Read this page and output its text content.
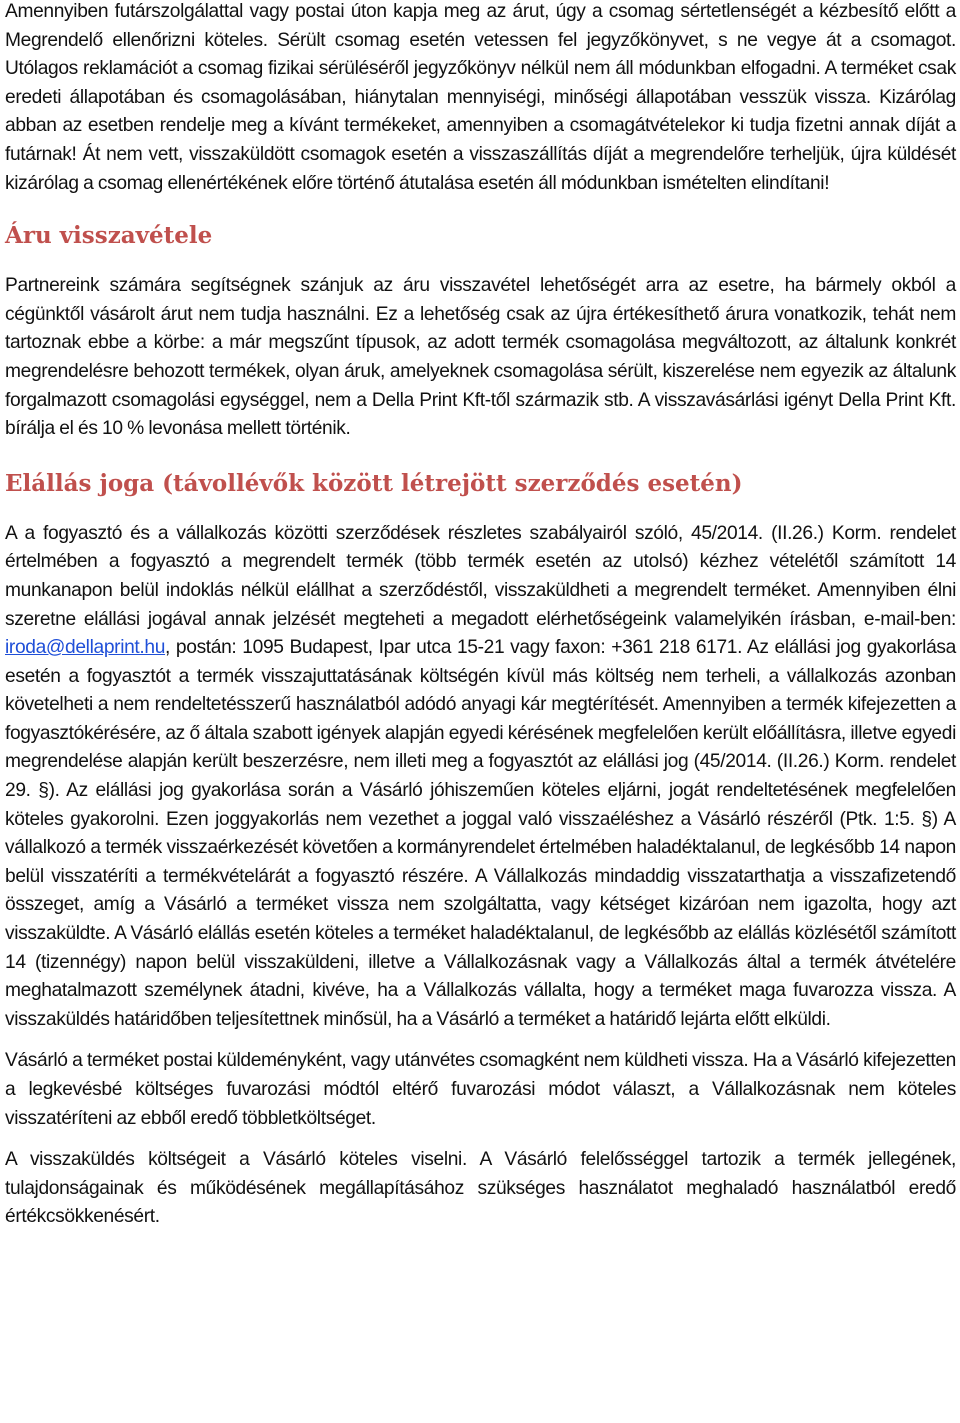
Amennyiben futárszolgálattal vagy postai úton kapja meg az árut, úgy a csomag sértetlenségét a kézbesítő előtt a Megrendelő ellenőrizni köteles. Sérült csomag esetén vetessen fel jegyzőkönyvet, s ne vegye át a csomagot. Utólagos reklamációt a csomag fizikai sérüléséről jegyzőkönyv nélkül nem áll módunkban elfogadni. A terméket csak eredeti állapotában és csomagolásában, hiánytalan mennyiségi, minőségi állapotában vesszük vissza. Kizárólag abban az esetben rendelje meg a kívánt termékeket, amennyiben a csomagátvételekor ki tudja fizetni annak díját a futárnak! Át nem vett, visszaküldött csomagok esetén a visszaszállítás díját a megrendelőre terheljük, újra küldését kizárólag a csomag ellenértékének előre történő átutalása esetén áll módunkban ismételten elindítani!

Áru visszavétele

Partnereink számára segítségnek szánjuk az áru visszavétel lehetőségét arra az esetre, ha bármely okból a cégünktől vásárolt árut nem tudja használni. Ez a lehetőség csak az újra értékesíthető árura vonatkozik, tehát nem tartoznak ebbe a körbe: a már megszűnt típusok, az adott termék csomagolása megváltozott, az általunk konkrét megrendelésre behozott termékek, olyan áruk, amelyeknek csomagolása sérült, kiszerelése nem egyezik az általunk forgalmazott csomagolási egységgel, nem a Della Print Kft-től származik stb. A visszavásárlási igényt Della Print Kft. bírálja el és 10 % levonása mellett történik.

Elállás joga (távollévők között létrejött szerződés esetén)

A a fogyasztó és a vállalkozás közötti szerződések részletes szabályairól szóló, 45/2014. (II.26.) Korm. rendelet értelmében a fogyasztó a megrendelt termék (több termék esetén az utolsó) kézhez vételétől számított 14 munkanapon belül indoklás nélkül elállhat a szerződéstől, visszaküldheti a megrendelt terméket. Amennyiben élni szeretne elállási jogával annak jelzését megteheti a megadott elérhetőségeink valamelyikén írásban, e-mail-ben: iroda@dellaprint.hu, postán: 1095 Budapest, Ipar utca 15-21 vagy faxon: +361 218 6171. Az elállási jog gyakorlása esetén a fogyasztót a termék visszajuttatásának költségén kívül más költség nem terheli, a vállalkozás azonban követelheti a nem rendeltetésszerű használatból adódó anyagi kár megtérítését. Amennyiben a termék kifejezetten a fogyasztókérésére, az ő általa szabott igények alapján egyedi kérésének megfelelően került előállításra, illetve egyedi megrendelése alapján került beszerzésre, nem illeti meg a fogyasztót az elállási jog (45/2014. (II.26.) Korm. rendelet 29. §). Az elállási jog gyakorlása során a Vásárló jóhiszeműen köteles eljárni, jogát rendeltetésének megfelelően köteles gyakorolni. Ezen joggyakorlás nem vezethet a joggal való visszaéléshez a Vásárló részéről (Ptk. 1:5. §) A vállalkozó a termék visszaérkezését követően a kormányrendelet értelmében haladéktalanul, de legkésőbb 14 napon belül visszatéríti a termékvételárát a fogyasztó részére. A Vállalkozás mindaddig visszatarthatja a visszafizetendő összeget, amíg a Vásárló a terméket vissza nem szolgáltatta, vagy kétséget kizáróan nem igazolta, hogy azt visszaküldte. A Vásárló elállás esetén köteles a terméket haladéktalanul, de legkésőbb az elállás közlésétől számított 14 (tizennégy) napon belül visszaküldeni, illetve a Vállalkozásnak vagy a Vállalkozás által a termék átvételére meghatalmazott személynek átadni, kivéve, ha a Vállalkozás vállalta, hogy a terméket maga fuvarozza vissza. A visszaküldés határidőben teljesítettnek minősül, ha a Vásárló a terméket a határidő lejárta előtt elküldi.

Vásárló a terméket postai küldeményként, vagy utánvétes csomagként nem küldheti vissza. Ha a Vásárló kifejezetten a legkevésbé költséges fuvarozási módtól eltérő fuvarozási módot választ, a Vállalkozásnak nem köteles visszatéríteni az ebből eredő többletköltséget.

A visszaküldés költségeit a Vásárló köteles viselni. A Vásárló felelősséggel tartozik a termék jellegének, tulajdonságainak és működésének megállapításához szükséges használatot meghaladó használatból eredő értékcsökkenésért.
